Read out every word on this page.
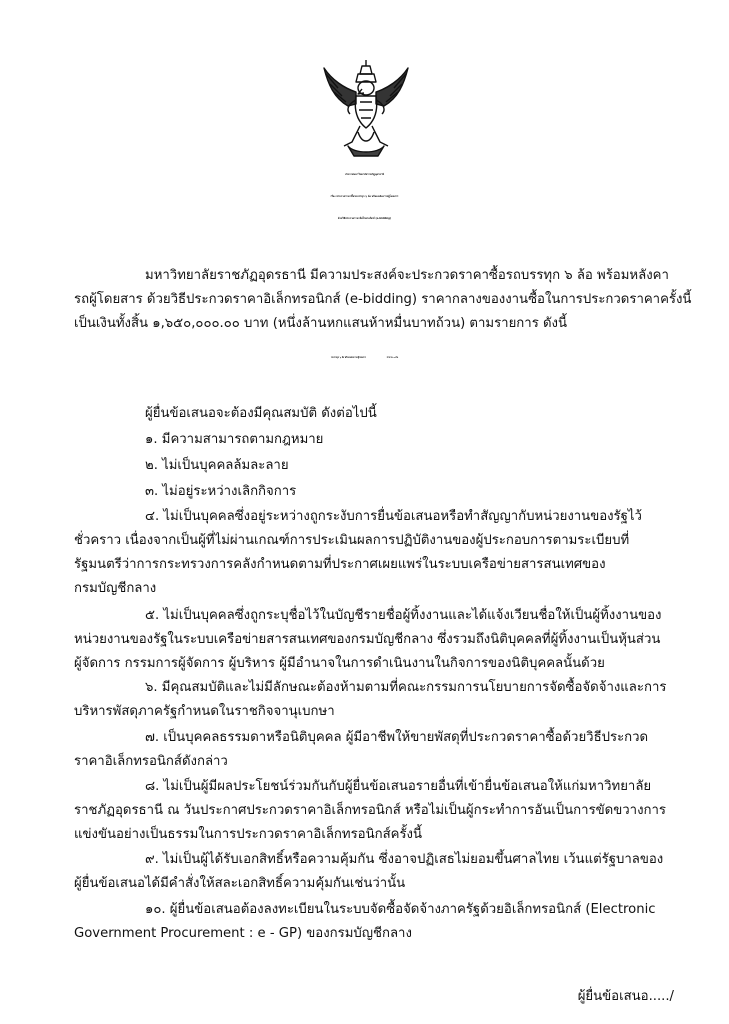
ประกาศมหาวิทยาลัยราชภัฏอุดรธานี
เรื่อง ประกวดราคาซื้อรถบรรทุก ๖ ล้อ พร้อมหลังคารถผู้โดยสาร
ด้วยวิธีประกวดราคาอิเล็กทรอนิกส์ (e-bidding)
มหาวิทยาลัยราชภัฏอุดรธานี มีความประสงค์จะประกวดราคาซื้อรถบรรทุก ๖ ล้อ พร้อมหลังคา
รถผู้โดยสาร ด้วยวิธีประกวดราคาอิเล็กทรอนิกส์ (e-bidding) ราคากลางของงานซื้อในการประกวดราคาครั้งนี้
เป็นเงินทั้งสิ้น ๑,๖๕๐,๐๐๐.๐๐ บาท (หนึ่งล้านหกแสนห้าหมื่นบาทถ้วน) ตามรายการ ดังนี้
รถบรรทุก ๖ ล้อ พร้อมหลังคารถผู้โดยสาร	จำนวน ๑ คัน
ผู้ยื่นข้อเสนอจะต้องมีคุณสมบัติ ดังต่อไปนี้
๑. มีความสามารถตามกฎหมาย
๒. ไม่เป็นบุคคลล้มละลาย
๓. ไม่อยู่ระหว่างเลิกกิจการ
๔. ไม่เป็นบุคคลซึ่งอยู่ระหว่างถูกระงับการยื่นข้อเสนอหรือทำสัญญากับหน่วยงานของรัฐไว้
ชั่วคราว เนื่องจากเป็นผู้ที่ไม่ผ่านเกณฑ์การประเมินผลการปฏิบัติงานของผู้ประกอบการตามระเบียบที่
รัฐมนตรีว่าการกระทรวงการคลังกำหนดตามที่ประกาศเผยแพร่ในระบบเครือข่ายสารสนเทศของ
กรมบัญชีกลาง
๕. ไม่เป็นบุคคลซึ่งถูกระบุชื่อไว้ในบัญชีรายชื่อผู้ทิ้งงานและได้แจ้งเวียนชื่อให้เป็นผู้ทิ้งงานของ
หน่วยงานของรัฐในระบบเครือข่ายสารสนเทศของกรมบัญชีกลาง ซึ่งรวมถึงนิติบุคคลที่ผู้ทิ้งงานเป็นหุ้นส่วน
ผู้จัดการ กรรมการผู้จัดการ ผู้บริหาร ผู้มีอำนาจในการดำเนินงานในกิจการของนิติบุคคลนั้นด้วย
๖. มีคุณสมบัติและไม่มีลักษณะต้องห้ามตามที่คณะกรรมการนโยบายการจัดซื้อจัดจ้างและการ
บริหารพัสดุภาครัฐกำหนดในราชกิจจานุเบกษา
๗. เป็นบุคคลธรรมดาหรือนิติบุคคล ผู้มีอาชีพให้ขายพัสดุที่ประกวดราคาซื้อด้วยวิธีประกวด
ราคาอิเล็กทรอนิกส์ดังกล่าว
๘. ไม่เป็นผู้มีผลประโยชน์ร่วมกันกับผู้ยื่นข้อเสนอรายอื่นที่เข้ายื่นข้อเสนอให้แก่มหาวิทยาลัย
ราชภัฏอุดรธานี ณ วันประกาศประกวดราคาอิเล็กทรอนิกส์ หรือไม่เป็นผู้กระทำการอันเป็นการขัดขวางการ
แข่งขันอย่างเป็นธรรมในการประกวดราคาอิเล็กทรอนิกส์ครั้งนี้
๙. ไม่เป็นผู้ได้รับเอกสิทธิ์หรือความคุ้มกัน ซึ่งอาจปฏิเสธไม่ยอมขึ้นศาลไทย เว้นแต่รัฐบาลของ
ผู้ยื่นข้อเสนอได้มีคำสั่งให้สละเอกสิทธิ์ความคุ้มกันเช่นว่านั้น
๑๐. ผู้ยื่นข้อเสนอต้องลงทะเบียนในระบบจัดซื้อจัดจ้างภาครัฐด้วยอิเล็กทรอนิกส์ (Electronic
Government Procurement : e - GP) ของกรมบัญชีกลาง
ผู้ยื่นข้อเสนอ...../
